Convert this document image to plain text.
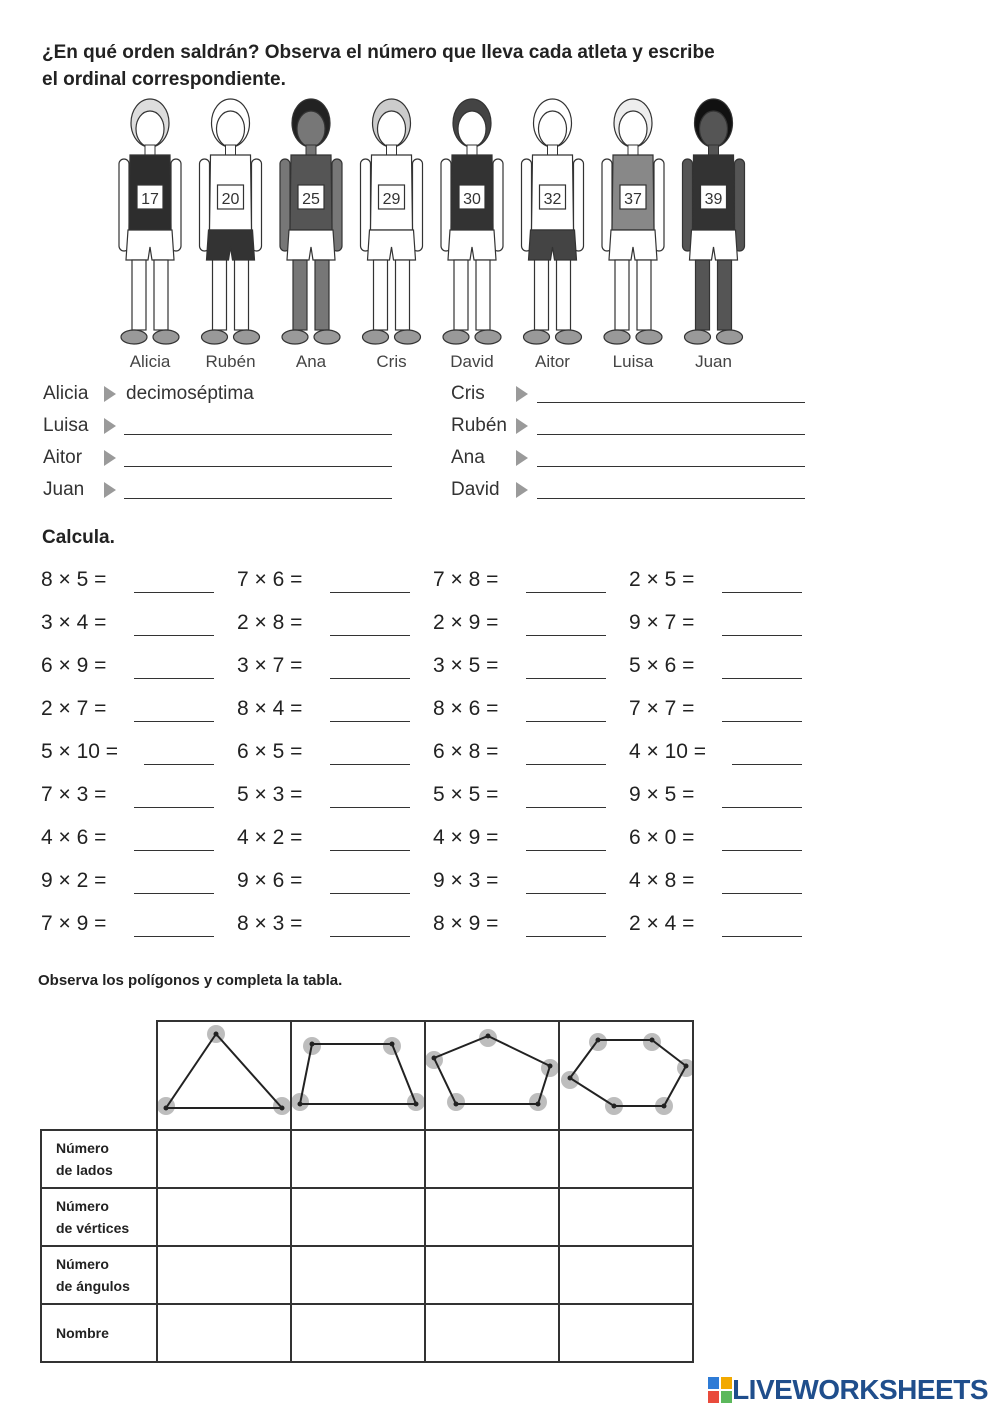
¿En qué orden saldrán? Observa el número que lleva cada atleta y escribe
el ordinal correspondiente.
17
Alicia
20
Rubén
25
Ana
29
Cris
30
David
32
Aitor
37
Luisa
39
Juan
Alicia decimoséptima
Luisa
Aitor
Juan
Cris
Rubén
Ana
David
Calcula.
8 × 5 =	7 × 6 =	7 × 8 =	2 × 5 =
3 × 4 =	2 × 8 =	2 × 9 =	9 × 7 =
6 × 9 =	3 × 7 =	3 × 5 =	5 × 6 =
2 × 7 =	8 × 4 =	8 × 6 =	7 × 7 =
5 × 10 =	6 × 5 =	6 × 8 =	4 × 10 =
7 × 3 =	5 × 3 =	5 × 5 =	9 × 5 =
4 × 6 =	4 × 2 =	4 × 9 =	6 × 0 =
9 × 2 =	9 × 6 =	9 × 3 =	4 × 8 =
7 × 9 =	8 × 3 =	8 × 9 =	2 × 4 =
Observa los polígonos y completa la tabla.

Número
de lados				
Número
de vértices				
Número
de ángulos				
Nombre				
LIVEWORKSHEETS
